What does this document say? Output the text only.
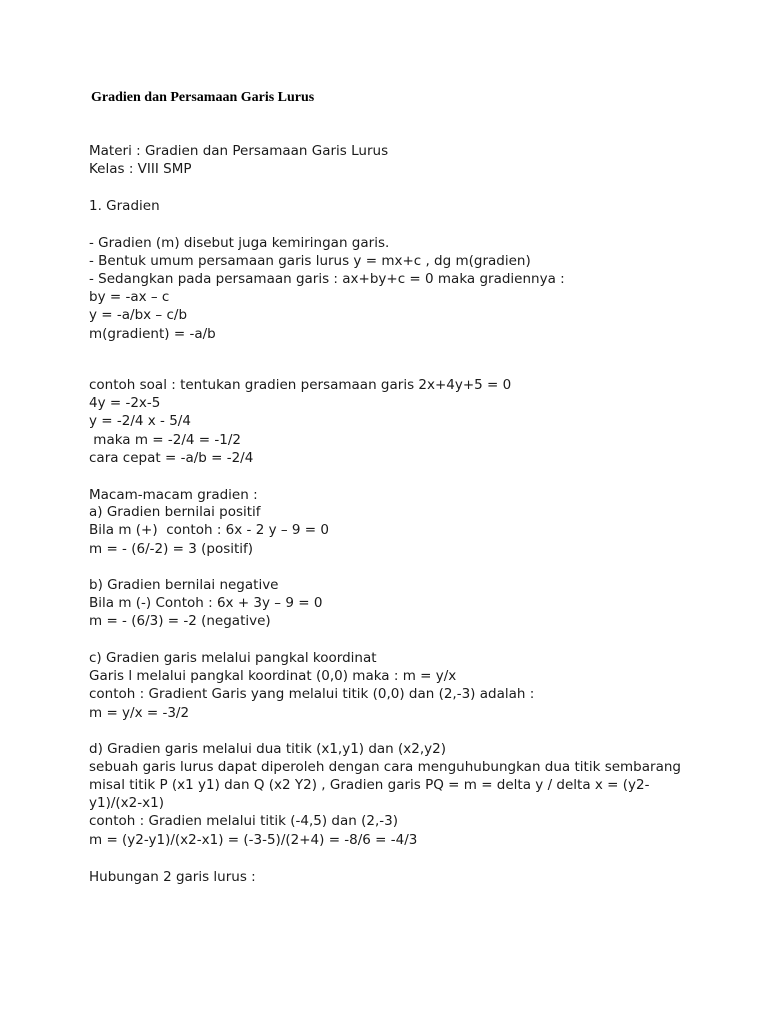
Gradien dan Persamaan Garis Lurus
Materi : Gradien dan Persamaan Garis Lurus
Kelas : VIII SMP
1. Gradien
- Gradien (m) disebut juga kemiringan garis.
- Bentuk umum persamaan garis lurus y = mx+c , dg m(gradien)
- Sedangkan pada persamaan garis : ax+by+c = 0 maka gradiennya :
by = -ax – c
y = -a/bx – c/b
m(gradient) = -a/b
contoh soal : tentukan gradien persamaan garis 2x+4y+5 = 0
4y = -2x-5
y = -2/4 x - 5/4
maka m = -2/4 = -1/2
cara cepat = -a/b = -2/4
Macam-macam gradien :
a) Gradien bernilai positif
Bila m (+)  contoh : 6x - 2 y – 9 = 0
m = - (6/-2) = 3 (positif)
b) Gradien bernilai negative
Bila m (-) Contoh : 6x + 3y – 9 = 0
m = - (6/3) = -2 (negative)
c) Gradien garis melalui pangkal koordinat
Garis l melalui pangkal koordinat (0,0) maka : m = y/x
contoh : Gradient Garis yang melalui titik (0,0) dan (2,-3) adalah :
m = y/x = -3/2
d) Gradien garis melalui dua titik (x1,y1) dan (x2,y2)
sebuah garis lurus dapat diperoleh dengan cara menguhubungkan dua titik sembarang
misal titik P (x1 y1) dan Q (x2 Y2) , Gradien garis PQ = m = delta y / delta x = (y2-
y1)/(x2-x1)
contoh : Gradien melalui titik (-4,5) dan (2,-3)
m = (y2-y1)/(x2-x1) = (-3-5)/(2+4) = -8/6 = -4/3
Hubungan 2 garis lurus :
